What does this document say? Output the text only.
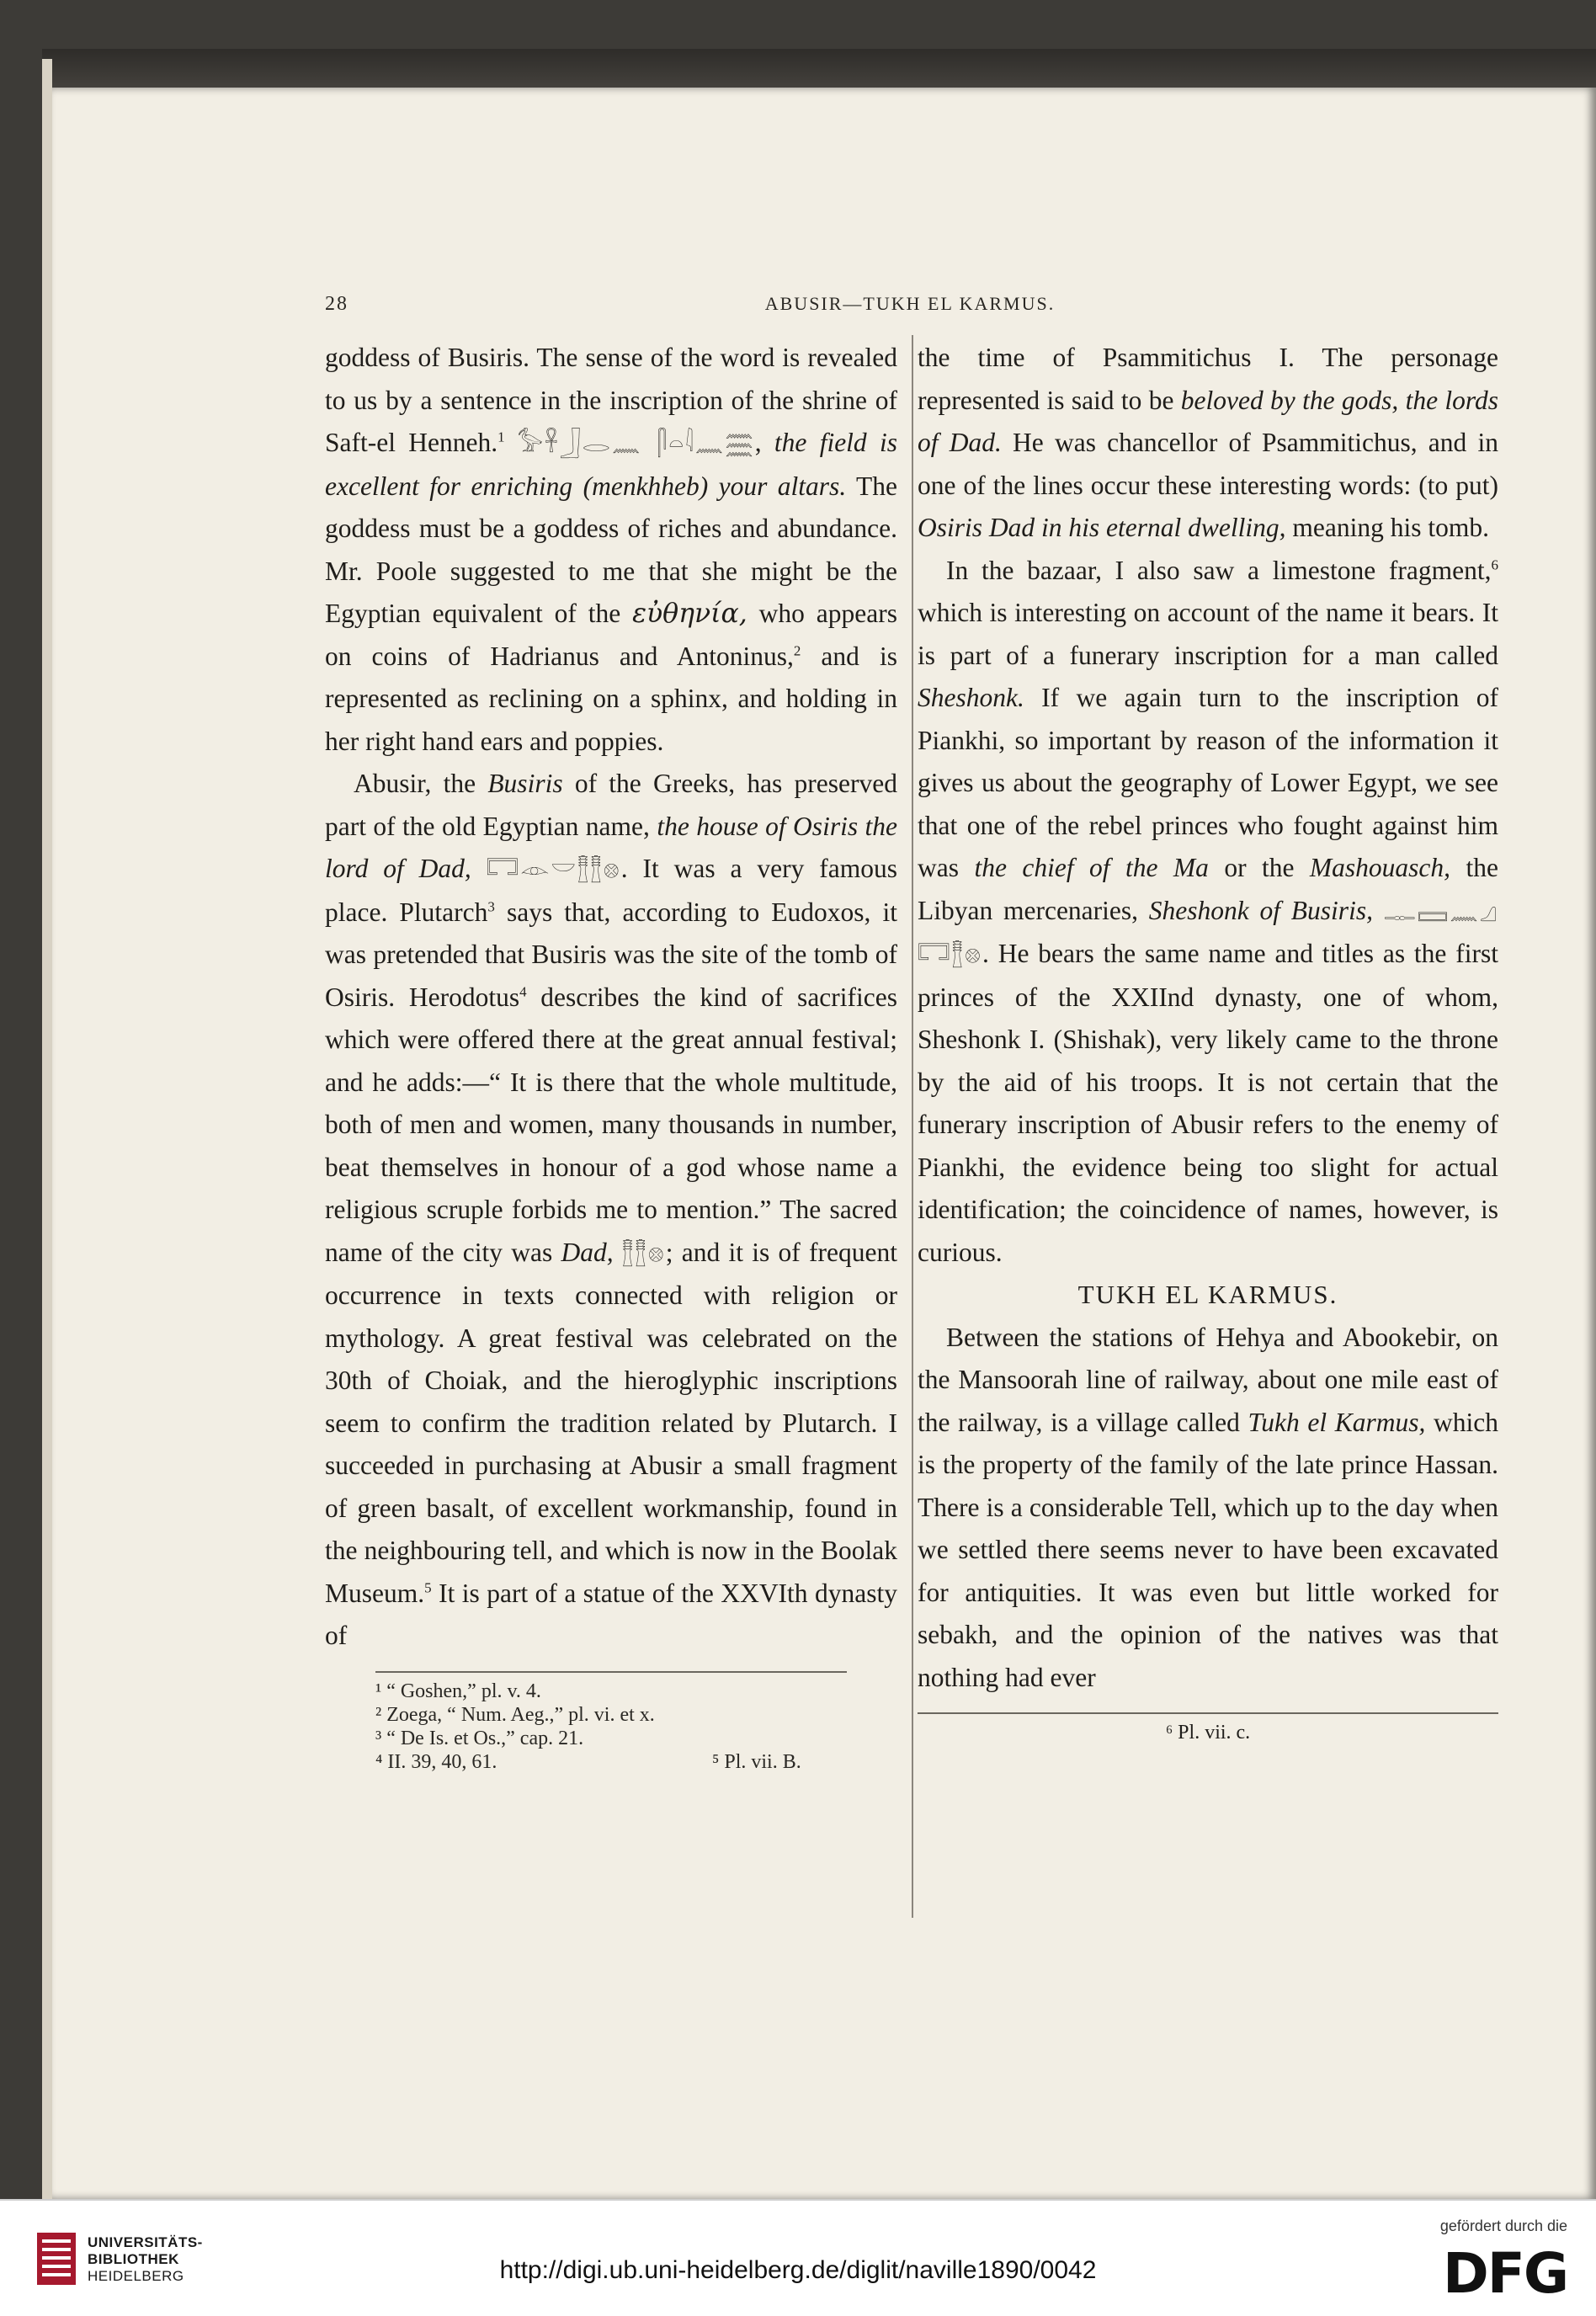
28	ABUSIR—TUKH EL KARMUS.

goddess of Busiris. The sense of the word is revealed to us by a sentence in the inscription of the shrine of Saft-el Henneh.$^1$ 𓅞𓋹𓃀𓂋𓈖 𓋴𓏏𓇋𓈖𓈗, the field is excellent for enriching (menkhheb) your altars. The goddess must be a goddess of riches and abundance. Mr. Poole suggested to me that she might be the Egyptian equivalent of the εὐθηνία, who appears on coins of Hadrianus and Antoninus,$^2$ and is represented as reclining on a sphinx, and holding in her right hand ears and poppies.

Abusir, the Busiris of the Greeks, has preserved part of the old Egyptian name, the house of Osiris the lord of Dad, 𓉐𓁹𓎟𓊽𓊽𓊖. It was a very famous place. Plutarch$^3$ says that, according to Eudoxos, it was pretended that Busiris was the site of the tomb of Osiris. Herodotus$^4$ describes the kind of sacrifices which were offered there at the great annual festival; and he adds:—“ It is there that the whole multitude, both of men and women, many thousands in number, beat themselves in honour of a god whose name a religious scruple forbids me to mention.” The sacred name of the city was Dad, 𓊽𓊽𓊖; and it is of frequent occurrence in texts connected with religion or mythology. A great festival was celebrated on the 30th of Choiak, and the hieroglyphic inscriptions seem to confirm the tradition related by Plutarch. I succeeded in purchasing at Abusir a small fragment of green basalt, of excellent workmanship, found in the neighbouring tell, and which is now in the Boolak Museum.$^5$ It is part of a statue of the XXVIth dynasty of

¹ “ Goshen,” pl. v. 4.
² Zoega, “ Num. Aeg.,” pl. vi. et x.
³ “ De Is. et Os.,” cap. 21.
⁴ II. 39, 40, 61.	⁵ Pl. vii. B.

the time of Psammitichus I. The personage represented is said to be beloved by the gods, the lords of Dad. He was chancellor of Psammitichus, and in one of the lines occur these interesting words: (to put) Osiris Dad in his eternal dwelling, meaning his tomb.

In the bazaar, I also saw a limestone fragment,$^6$ which is interesting on account of the name it bears. It is part of a funerary inscription for a man called Sheshonk. If we again turn to the inscription of Piankhi, so important by reason of the information it gives us about the geography of Lower Egypt, we see that one of the rebel princes who fought against him was the chief of the Ma or the Mashouasch, the Libyan mercenaries, Sheshonk of Busiris, 𓊃𓈙𓈖𓈎 𓉐𓊽𓊖. He bears the same name and titles as the first princes of the XXIInd dynasty, one of whom, Sheshonk I. (Shishak), very likely came to the throne by the aid of his troops. It is not certain that the funerary inscription of Abusir refers to the enemy of Piankhi, the evidence being too slight for actual identification; the coincidence of names, however, is curious.

TUKH EL KARMUS.

Between the stations of Hehya and Abookebir, on the Mansoorah line of railway, about one mile east of the railway, is a village called Tukh el Karmus, which is the property of the family of the late prince Hassan. There is a considerable Tell, which up to the day when we settled there seems never to have been excavated for antiquities. It was even but little worked for sebakh, and the opinion of the natives was that nothing had ever

⁶ Pl. vii. c.
UNIVERSITÄTS-
BIBLIOTHEK
HEIDELBERG	http://digi.ub.uni-heidelberg.de/diglit/naville1890/0042
gefördert durch die
DFG
